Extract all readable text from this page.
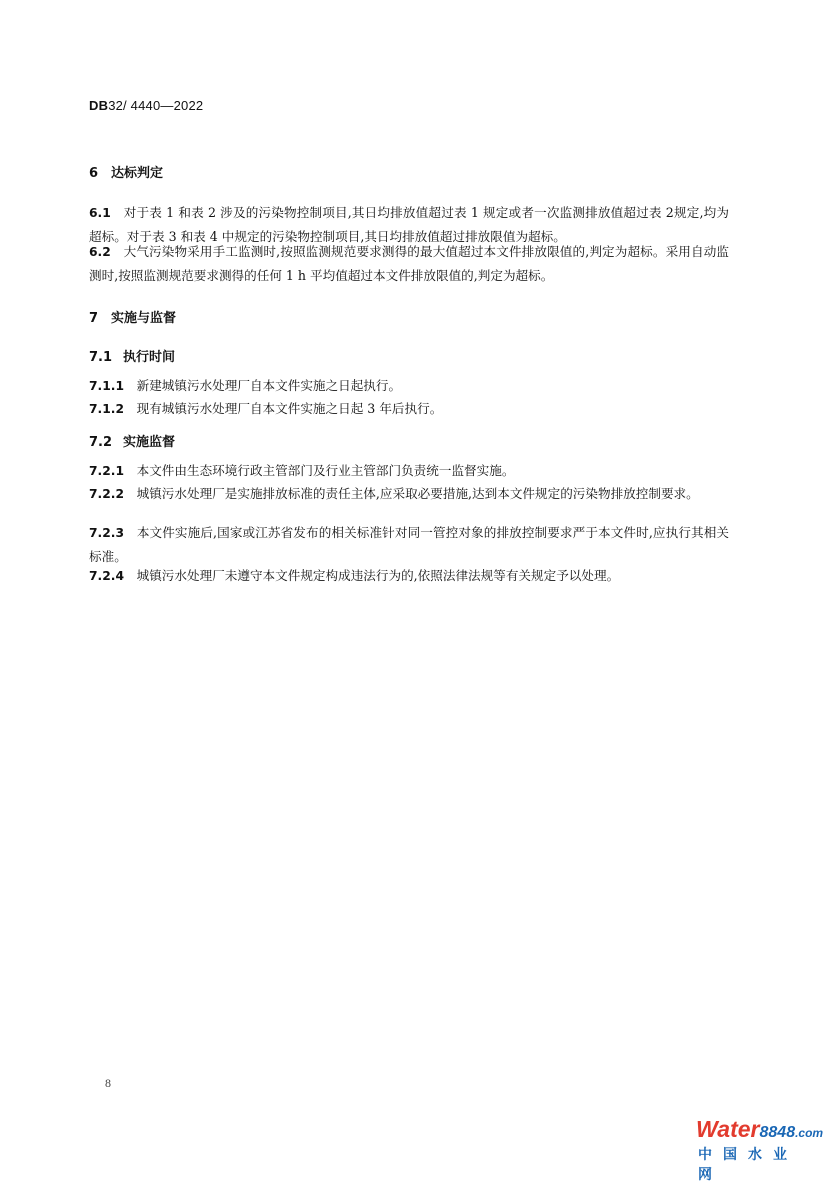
DB32/ 4440—2022
6 达标判定
6.1　 对于表 1 和表 2 涉及的污染物控制项目,其日均排放值超过表 1 规定或者一次监测排放值超过表 2规定,均为超标。对于表 3 和表 4 中规定的污染物控制项目,其日均排放值超过排放限值为超标。
6.2　 大气污染物采用手工监测时,按照监测规范要求测得的最大值超过本文件排放限值的,判定为超标。采用自动监测时,按照监测规范要求测得的任何 1 h 平均值超过本文件排放限值的,判定为超标。
7 实施与监督
7.1 执行时间
7.1.1　 新建城镇污水处理厂自本文件实施之日起执行。
7.1.2　 现有城镇污水处理厂自本文件实施之日起 3 年后执行。
7.2 实施监督
7.2.1　 本文件由生态环境行政主管部门及行业主管部门负责统一监督实施。
7.2.2　 城镇污水处理厂是实施排放标准的责任主体,应采取必要措施,达到本文件规定的污染物排放控制要求。
7.2.3　 本文件实施后,国家或江苏省发布的相关标准针对同一管控对象的排放控制要求严于本文件时,应执行其相关标准。
7.2.4　 城镇污水处理厂未遵守本文件规定构成违法行为的,依照法律法规等有关规定予以处理。
8
Water8848.com
中国水业网
